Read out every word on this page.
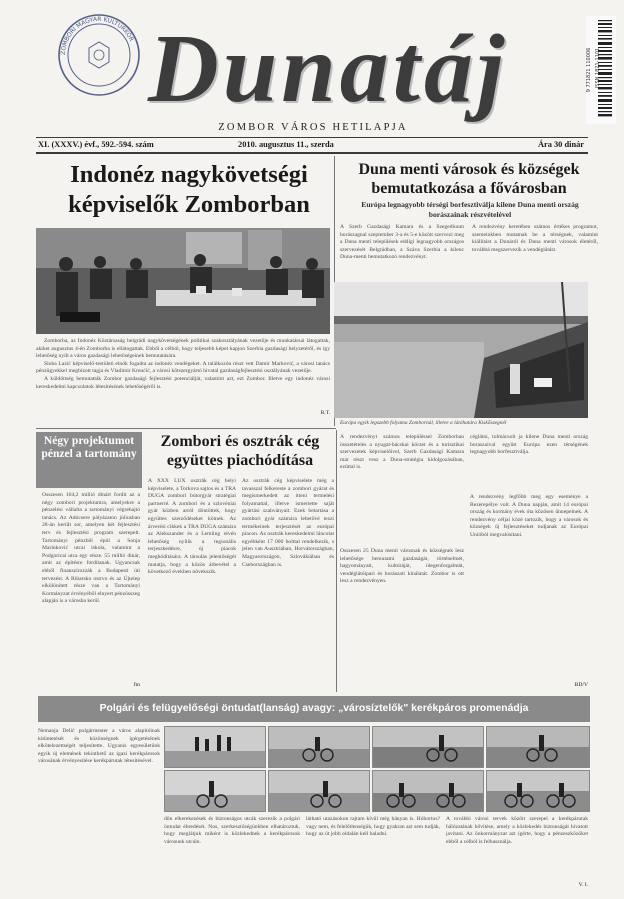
ZOMBORI MAGYAR KULTÚRKÖR Dunatáj	ISSN 1821-1101
9 771821 110006
ZOMBOR VÁROS HETILAPJA
XI. (XXXV.) évf., 592.-594. szám	2010. augusztus 11., szerda	Ára 30 dinár
Indonéz nagykövetségi képviselők Zomborban

Zomborba, az Indonéz Köztársaság belgrádi nagykövetségének politikai szakosztályának vezetője és munkatársai látogattak, akiket augusztus 4-én Zomborba is ellátogattak. Ebből a célból, hogy teljesebb képet kapjon Szerbia gazdasági helyzetéről, és így lehetőség nyílt a város gazdasági lehetőségeinek bemutatására.

Sloba Lazić képviselő-testületi elnök fogadta az indonéz vendégeket. A találkozón részt vett Damir Marković, a városi tanács pénzügyekkel megbízott tagja és Vladimir Kreućić, a városi kötszergyártó hivatal gazdaságfejlesztési osztályának vezetője.

A küldöttség bemutatták Zombor gazdasági fejlesztési potenciálját, valamint azt, ezt Zombor. Illetve egy indonéz városi kereskedelmi kapcsolatok létesítésének lehetőségéről is.

B.T.
Duna menti városok és községek bemutatkozása a fővárosban
Európa legnagyobb térségi borfesztiválja kilene Duna menti ország borászainak részvételével
A Szerb Gazdasági Kamara és a Szegediuum borászagnal szeptember 3-a és 5-e között szervezi meg a Duna menti települések eddigi legnagyobb országos szervezését Belgrádban, a Száva Szerbia a kilenc Duna-menti bemutatkozó rendezvényt.
A rendezvény keretében számos értékes programot, szemeinkben mutatnak be a térségnek, valamint kiállítást a Dunáról és Duna menti városok életéről, továbbá megszervezik a vendéglátást.
Európa egyik legszebb folyama Zombornál, illetve a látóhatára Kiskőszegnél
Négy projektumot pénzel a tartomány
Összesen 104,2 millió dinárt fordít az a négy zombori projektumra, amelyekre a pénzelési vállalta a tartományi végrehajtó tanács. Az Adócsere pályázaton júliusban 28-án került sor, amelyen két fejlesztési terv és fejlesztési program szerepelt. Tartományi pénzből épül a Sonja Marinković utcai iskola, valamint a Podgoricai utca egy része. 55 millió dinár, amit az építésre fordítanak. Ugyancsak ebből finanszírozzák a Budapesti úti tervezést. A Ribarsko ostrvo és az Újtelep elkülönített része van a Tartományi Kormányzat érvényéből elnyert pénzösszeg alapján is a városba kerül.
fm
Zombori és osztrák cég együttes piachódítása
A XXX LUX osztrák cég helyi képviselete, a Torkova sajtos és a TRA DUGA zombori bútorgyár stratégiai partnerré. A zombori és a szlovéniai gyár közben arról döntöttek, hogy együttes szerződéseket kötnek. Az árverési cikkek a TRA DUGA számára az Alekszander és a Lemling révén lehetőség nyílik a regionális terjeszkedésre, új piacok meghódítására. A társulás jelentőségét mutatja, hogy a közös árbevétel a következő években növekszik.
Az osztrák cég képviselete még a tavasszal felkereste a zombori gyárat és megismerkedett az itteni termelési folyamattal, illetve ismertette saját gyártási szabványait. Ezek betartása a zombori gyár számára lehetővé teszi termékeinek terjesztését az európai piacon. Az osztrák kereskedelmi láncolat egyébként 17 000 bolttal rendelkezik, s jelen van Ausztriában, Horvátországban, Magyarországon, Szlovákiában és Csehországban is.
A rendezvényt számos településsel Zomborban összetételes a nyugat-bácskai körzet és a turisztikai szervezetek képviselőivel, Szerb Gazdasági Kamara már részt vesz a Duna-stratégia kidolgozásában, ezúttal is.
Összesen 25 Duna menti városnak és községnek lesz lehetősége bemutatni gazdaságát, történelmét, hagyományait, kultúráját, idegenforgalmát, vendéglátóipari és borászati kínálatát. Zombor is ott lesz a rendezvényen.
céglátni, tolmácsolt ja kilene Duna menti ország boraszaival együtt Európa ezen térségének legnagyobb borfesztiválja.
A rendezvény legfőbb meg egy eseménye a Rezerepélye volt. A Duna napján, amit 14 európai ország és kormány évek óta közösen ünnepelnek. A rendezvény céljai közé tartozik, hogy a városok és községek új fejlesztéseket tudjanak az Európai Unióból megvalósítani.
BD/V
Polgári és felügyelőségi öntudat(lanság) avagy: „városíztelők" kerékpáros promenádja
Nemanja Delić polgármester a város alapítóinak kitüntetését és közönségnek ígérgetésének elkötelezettségét teljesítette. Ugyanis egyesületünk egyik új elemének tekinthető az igazi kerékpárosok városának érvényesítése kerékpárutak létesítésével.
dőn elkerekezések és biztonságos utcák szerezik a polgári öntudat ébredését. Nos, szerkesztőségünkben elhatároztuk, hogy meglátjuk miként is közlekednek a kerékpárosok városunk utcáin.
látható utazásokon rajtam kívül még hányan is. Hóbortos? vagy nem, és felelőtlenségük, hogy gyakran azt sem tudják, hogy az út jobb oldalán kell haladni.
A további városi tervek között szerepel a kerékpárutak hálózatának bővítése, amely a közlekedés biztonságát hivatott javítani. Az önkormányzat azt ígérte, hogy a pénzeszközöket ebből a célból is felhasználja.
V. I.
